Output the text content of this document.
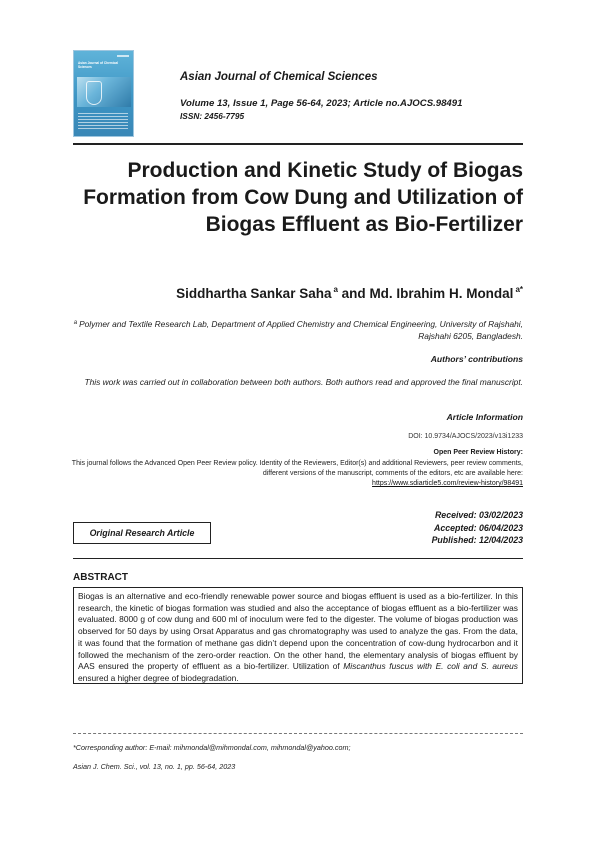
Asian Journal of Chemical Sciences
Asian Journal of Chemical Sciences
Volume 13, Issue 1, Page 56-64, 2023; Article no.AJOCS.98491
ISSN: 2456-7795
Production and Kinetic Study of Biogas Formation from Cow Dung and Utilization of Biogas Effluent as Bio-Fertilizer
Siddhartha Sankar Saha $^a$ and Md. Ibrahim H. Mondal $^{a*}$
$^a$ Polymer and Textile Research Lab, Department of Applied Chemistry and Chemical Engineering, University of Rajshahi, Rajshahi 6205, Bangladesh.
Authors’ contributions
This work was carried out in collaboration between both authors. Both authors read and approved the final manuscript.
Article Information
DOI: 10.9734/AJOCS/2023/v13i1233
Open Peer Review History:
This journal follows the Advanced Open Peer Review policy. Identity of the Reviewers, Editor(s) and additional Reviewers, peer review comments, different versions of the manuscript, comments of the editors, etc are available here:
https://www.sdiarticle5.com/review-history/98491
Original Research Article
Received: 03/02/2023
Accepted: 06/04/2023
Published: 12/04/2023
ABSTRACT
Biogas is an alternative and eco-friendly renewable power source and biogas effluent is used as a bio-fertilizer. In this research, the kinetic of biogas formation was studied and also the acceptance of biogas effluent as a bio-fertilizer was evaluated. 8000 g of cow dung and 600 ml of inoculum were fed to the digester. The volume of biogas production was observed for 50 days by using Orsat Apparatus and gas chromatography was used to analyze the gas. From the data, it was found that the formation of methane gas didn’t depend upon the concentration of cow-dung hydrocarbon and it followed the mechanism of the zero-order reaction. On the other hand, the elementary analysis of biogas effluent by AAS ensured the property of effluent as a bio-fertilizer. Utilization of Miscanthus fuscus with E. coli and S. aureus ensured a higher degree of biodegradation.
*Corresponding author: E-mail: mihmondal@mihmondal.com, mihmondal@yahoo.com;
Asian J. Chem. Sci., vol. 13, no. 1, pp. 56-64, 2023
